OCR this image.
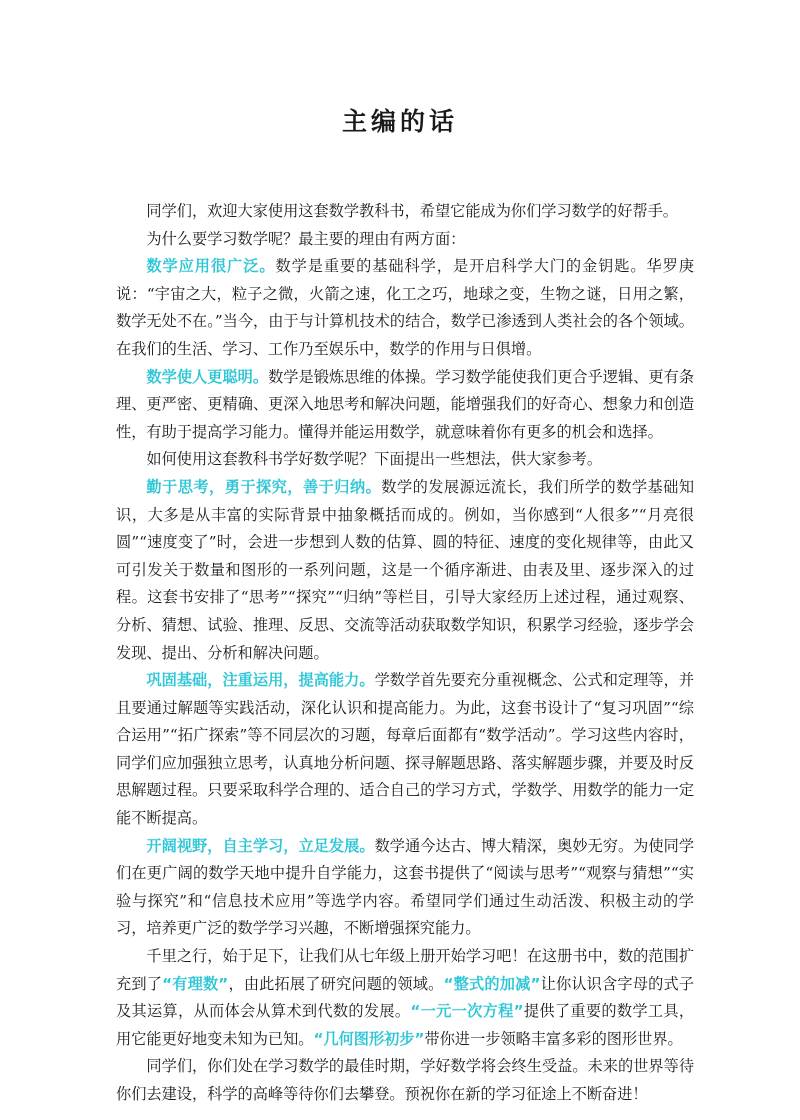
主编的话

同学们，欢迎大家使用这套数学教科书，希望它能成为你们学习数学的好帮手。

为什么要学习数学呢？最主要的理由有两方面：

数学应用很广泛。数学是重要的基础科学，是开启科学大门的金钥匙。华罗庚说：“宇宙之大，粒子之微，火箭之速，化工之巧，地球之变，生物之谜，日用之繁，数学无处不在。”当今，由于与计算机技术的结合，数学已渗透到人类社会的各个领域。在我们的生活、学习、工作乃至娱乐中，数学的作用与日俱增。

数学使人更聪明。数学是锻炼思维的体操。学习数学能使我们更合乎逻辑、更有条理、更严密、更精确、更深入地思考和解决问题，能增强我们的好奇心、想象力和创造性，有助于提高学习能力。懂得并能运用数学，就意味着你有更多的机会和选择。

如何使用这套教科书学好数学呢？下面提出一些想法，供大家参考。

勤于思考，勇于探究，善于归纳。数学的发展源远流长，我们所学的数学基础知识，大多是从丰富的实际背景中抽象概括而成的。例如，当你感到“人很多”“月亮很圆”“速度变了”时，会进一步想到人数的估算、圆的特征、速度的变化规律等，由此又可引发关于数量和图形的一系列问题，这是一个循序渐进、由表及里、逐步深入的过程。这套书安排了“思考”“探究”“归纳”等栏目，引导大家经历上述过程，通过观察、分析、猜想、试验、推理、反思、交流等活动获取数学知识，积累学习经验，逐步学会发现、提出、分析和解决问题。

巩固基础，注重运用，提高能力。学数学首先要充分重视概念、公式和定理等，并且要通过解题等实践活动，深化认识和提高能力。为此，这套书设计了“复习巩固”“综合运用”“拓广探索”等不同层次的习题，每章后面都有“数学活动”。学习这些内容时，同学们应加强独立思考，认真地分析问题、探寻解题思路、落实解题步骤，并要及时反思解题过程。只要采取科学合理的、适合自己的学习方式，学数学、用数学的能力一定能不断提高。

开阔视野，自主学习，立足发展。数学通今达古、博大精深，奥妙无穷。为使同学们在更广阔的数学天地中提升自学能力，这套书提供了“阅读与思考”“观察与猜想”“实验与探究”和“信息技术应用”等选学内容。希望同学们通过生动活泼、积极主动的学习，培养更广泛的数学学习兴趣，不断增强探究能力。

千里之行，始于足下，让我们从七年级上册开始学习吧！在这册书中，数的范围扩充到了“有理数”，由此拓展了研究问题的领域。“整式的加减”让你认识含字母的式子及其运算，从而体会从算术到代数的发展。“一元一次方程”提供了重要的数学工具，用它能更好地变未知为已知。“几何图形初步”带你进一步领略丰富多彩的图形世界。

同学们，你们处在学习数学的最佳时期，学好数学将会终生受益。未来的世界等待你们去建设，科学的高峰等待你们去攀登。预祝你在新的学习征途上不断奋进！
